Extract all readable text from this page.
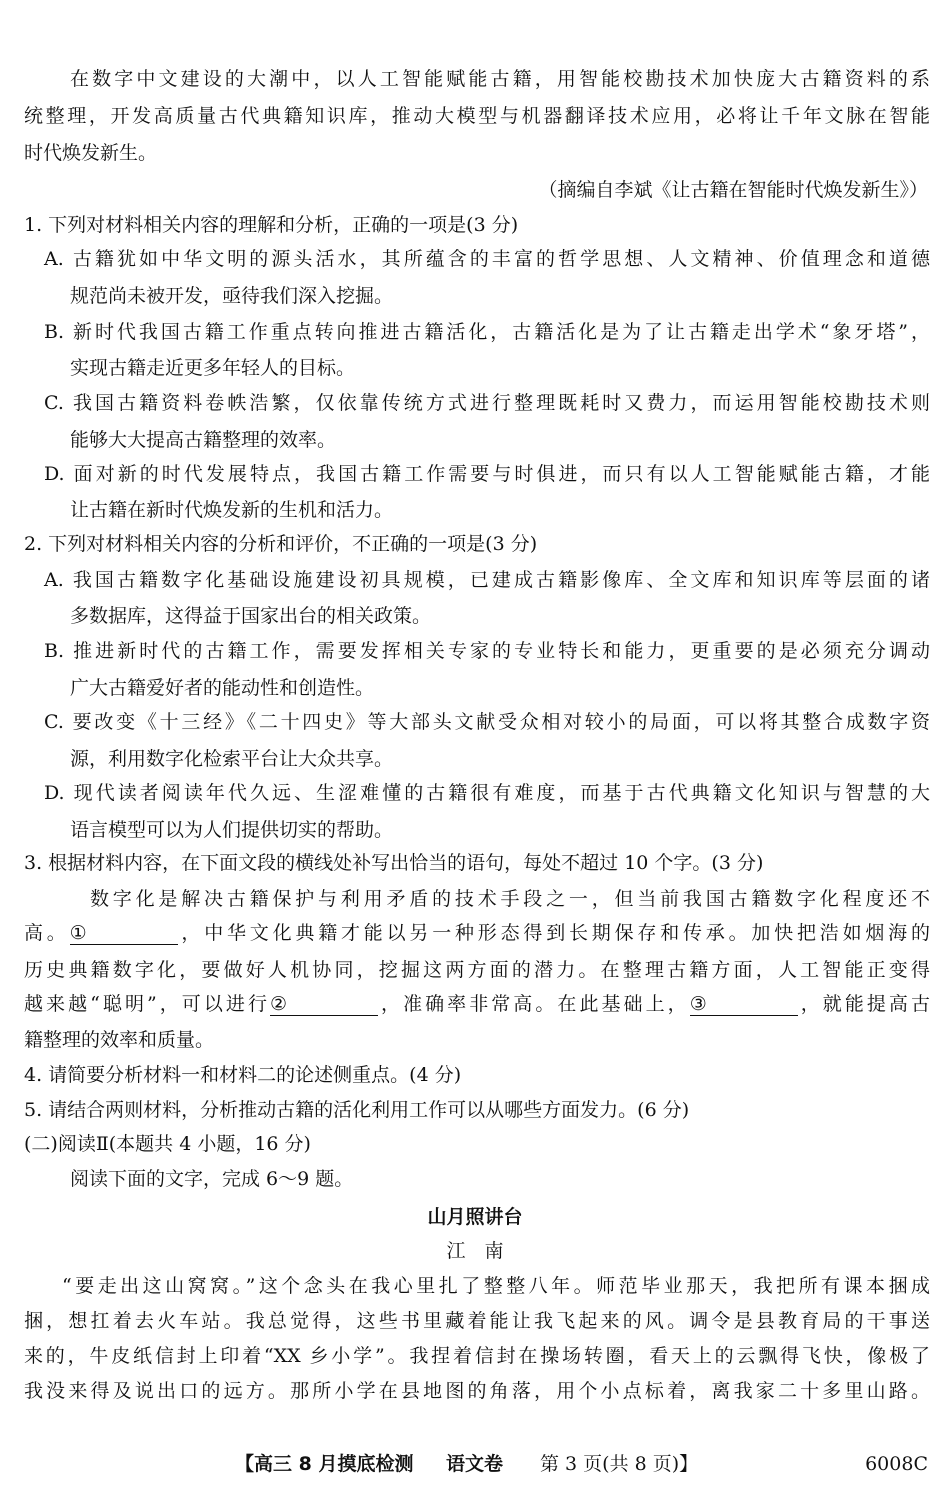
在数字中文建设的大潮中，以人工智能赋能古籍，用智能校勘技术加快庞大古籍资料的系
统整理，开发高质量古代典籍知识库，推动大模型与机器翻译技术应用，必将让千年文脉在智能
时代焕发新生。
（摘编自李斌《让古籍在智能时代焕发新生》）
1. 下列对材料相关内容的理解和分析，正确的一项是(3 分)
A. 古籍犹如中华文明的源头活水，其所蕴含的丰富的哲学思想、人文精神、价值理念和道德
规范尚未被开发，亟待我们深入挖掘。
B. 新时代我国古籍工作重点转向推进古籍活化，古籍活化是为了让古籍走出学术“象牙塔”，
实现古籍走近更多年轻人的目标。
C. 我国古籍资料卷帙浩繁，仅依靠传统方式进行整理既耗时又费力，而运用智能校勘技术则
能够大大提高古籍整理的效率。
D. 面对新的时代发展特点，我国古籍工作需要与时俱进，而只有以人工智能赋能古籍，才能
让古籍在新时代焕发新的生机和活力。
2. 下列对材料相关内容的分析和评价，不正确的一项是(3 分)
A. 我国古籍数字化基础设施建设初具规模，已建成古籍影像库、全文库和知识库等层面的诸
多数据库，这得益于国家出台的相关政策。
B. 推进新时代的古籍工作，需要发挥相关专家的专业特长和能力，更重要的是必须充分调动
广大古籍爱好者的能动性和创造性。
C. 要改变《十三经》《二十四史》等大部头文献受众相对较小的局面，可以将其整合成数字资
源，利用数字化检索平台让大众共享。
D. 现代读者阅读年代久远、生涩难懂的古籍很有难度，而基于古代典籍文化知识与智慧的大
语言模型可以为人们提供切实的帮助。
3. 根据材料内容，在下面文段的横线处补写出恰当的语句，每处不超过 10 个字。(3 分)
数字化是解决古籍保护与利用矛盾的技术手段之一，但当前我国古籍数字化程度还不
高。①	，中华文化典籍才能以另一种形态得到长期保存和传承。加快把浩如烟海的
历史典籍数字化，要做好人机协同，挖掘这两方面的潜力。在整理古籍方面，人工智能正变得
越来越“聪明”，可以进行②	，准确率非常高。在此基础上，③	，就能提高古
籍整理的效率和质量。
4. 请简要分析材料一和材料二的论述侧重点。(4 分)
5. 请结合两则材料，分析推动古籍的活化利用工作可以从哪些方面发力。(6 分)
(二)阅读Ⅱ(本题共 4 小题，16 分)
阅读下面的文字，完成 6～9 题。
山月照讲台
江　南
“要走出这山窝窝。”这个念头在我心里扎了整整八年。师范毕业那天，我把所有课本捆成
捆，想扛着去火车站。我总觉得，这些书里藏着能让我飞起来的风。调令是县教育局的干事送
来的，牛皮纸信封上印着“XX 乡小学”。我捏着信封在操场转圈，看天上的云飘得飞快，像极了
我没来得及说出口的远方。那所小学在县地图的角落，用个小点标着，离我家二十多里山路。
【高三 8 月摸底检测 语文卷 第 3 页(共 8 页)】	6008C
